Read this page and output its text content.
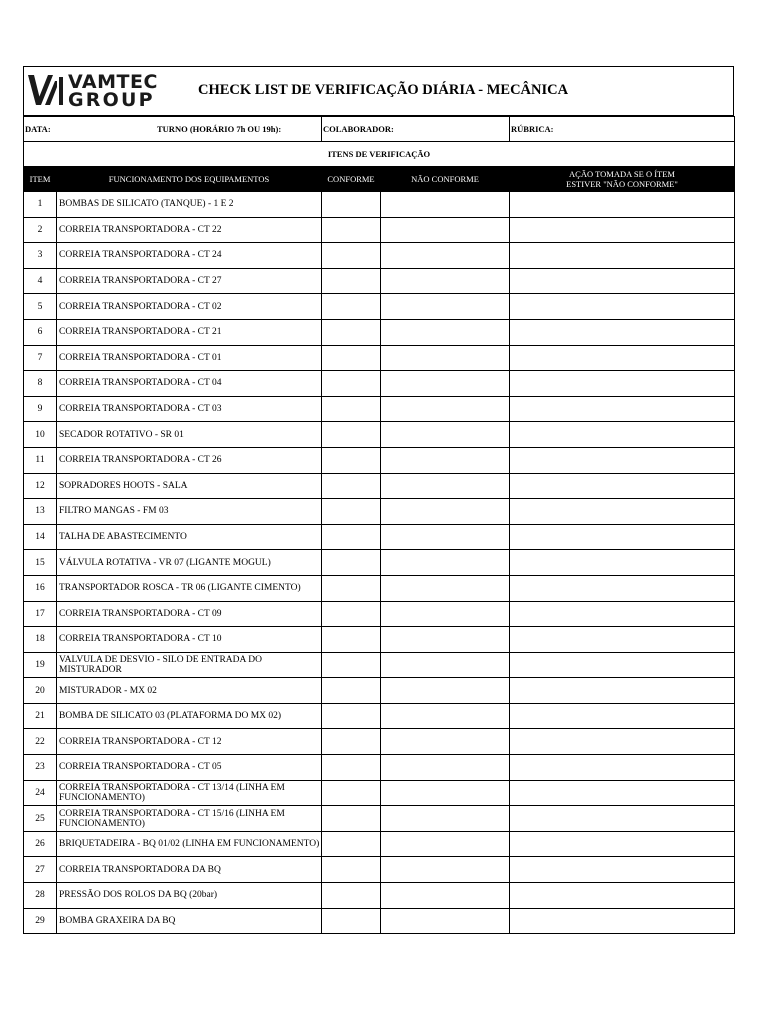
VAMTEC
GROUP	CHECK LIST DE VERIFICAÇÃO DIÁRIA - MECÂNICA
DATA: TURNO (HORÁRIO 7h OU 19h):		COLABORADOR:		RÚBRICA:
ITENS DE VERIFICAÇÃO				
ITEM	FUNCIONAMENTO DOS EQUIPAMENTOS	CONFORME	NÃO CONFORME	AÇÃO TOMADA SE O ÍTEM
ESTIVER "NÃO CONFORME"

1	BOMBAS DE SILICATO (TANQUE) - 1 E 2			
2	CORREIA TRANSPORTADORA - CT 22			
3	CORREIA TRANSPORTADORA - CT 24			
4	CORREIA TRANSPORTADORA - CT 27			
5	CORREIA TRANSPORTADORA - CT 02			
6	CORREIA TRANSPORTADORA - CT 21			
7	CORREIA TRANSPORTADORA - CT 01			
8	CORREIA TRANSPORTADORA - CT 04			
9	CORREIA TRANSPORTADORA - CT 03			
10	SECADOR ROTATIVO - SR 01			
11	CORREIA TRANSPORTADORA - CT 26			
12	SOPRADORES HOOTS - SALA			
13	FILTRO MANGAS - FM 03			
14	TALHA DE ABASTECIMENTO			
15	VÁLVULA ROTATIVA - VR 07 (LIGANTE MOGUL)			
16	TRANSPORTADOR ROSCA - TR 06 (LIGANTE CIMENTO)			
17	CORREIA TRANSPORTADORA - CT 09			
18	CORREIA TRANSPORTADORA - CT 10			
19	VALVULA DE DESVIO - SILO DE ENTRADA DO MISTURADOR			
20	MISTURADOR - MX 02			
21	BOMBA DE SILICATO 03 (PLATAFORMA DO MX 02)			
22	CORREIA TRANSPORTADORA - CT 12			
23	CORREIA TRANSPORTADORA - CT 05			
24	CORREIA TRANSPORTADORA - CT 13/14 (LINHA EM FUNCIONAMENTO)			
25	CORREIA TRANSPORTADORA - CT 15/16 (LINHA EM FUNCIONAMENTO)			
26	BRIQUETADEIRA - BQ 01/02 (LINHA EM FUNCIONAMENTO)			
27	CORREIA TRANSPORTADORA DA BQ			
28	PRESSÃO DOS ROLOS DA BQ (20bar)			
29	BOMBA GRAXEIRA DA BQ			
